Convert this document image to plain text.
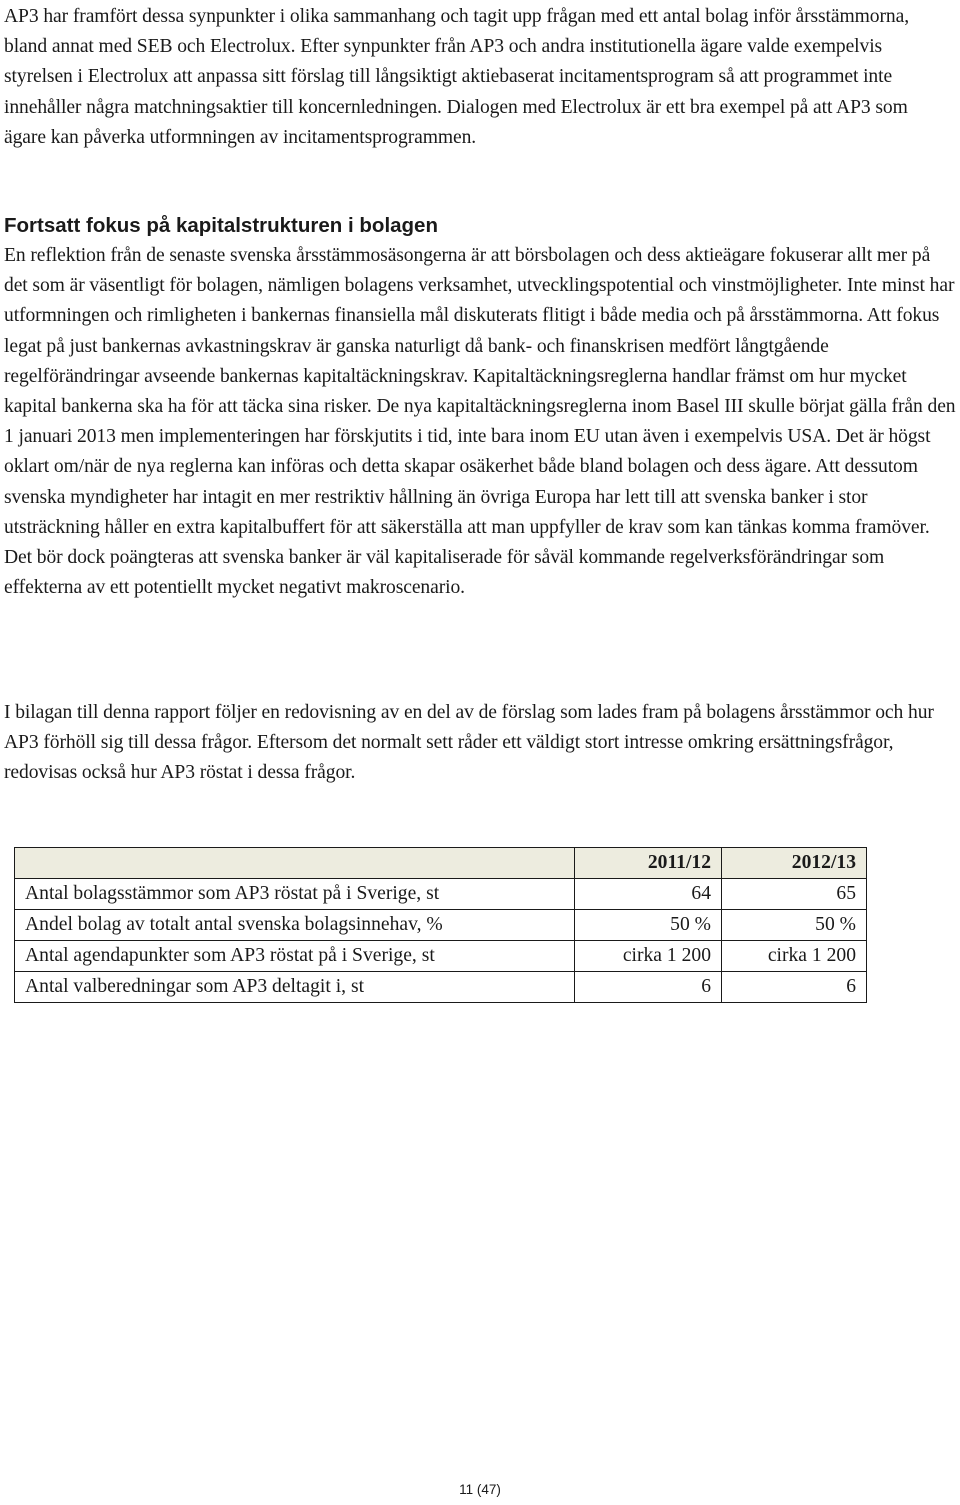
AP3 har framfört dessa synpunkter i olika sammanhang och tagit upp frågan med ett antal bolag inför årsstämmorna, bland annat med SEB och Electrolux. Efter synpunkter från AP3 och andra institutionella ägare valde exempelvis styrelsen i Electrolux att anpassa sitt förslag till långsiktigt aktiebaserat incitamentsprogram så att programmet inte innehåller några matchningsaktier till koncernledningen. Dialogen med Electrolux är ett bra exempel på att AP3 som ägare kan påverka utformningen av incitamentsprogrammen.

Fortsatt fokus på kapitalstrukturen i bolagen

En reflektion från de senaste svenska årsstämmosäsongerna är att börsbolagen och dess aktieägare fokuserar allt mer på det som är väsentligt för bolagen, nämligen bolagens verksamhet, utvecklingspotential och vinstmöjligheter. Inte minst har utformningen och rimligheten i bankernas finansiella mål diskuterats flitigt i både media och på årsstämmorna. Att fokus legat på just bankernas avkastningskrav är ganska naturligt då bank- och finanskrisen medfört långtgående regelförändringar avseende bankernas kapitaltäckningskrav. Kapitaltäckningsreglerna handlar främst om hur mycket kapital bankerna ska ha för att täcka sina risker. De nya kapitaltäckningsreglerna inom Basel III skulle börjat gälla från den 1 januari 2013 men implementeringen har förskjutits i tid, inte bara inom EU utan även i exempelvis USA. Det är högst oklart om/när de nya reglerna kan införas och detta skapar osäkerhet både bland bolagen och dess ägare. Att dessutom svenska myndigheter har intagit en mer restriktiv hållning än övriga Europa har lett till att svenska banker i stor utsträckning håller en extra kapitalbuffert för att säkerställa att man uppfyller de krav som kan tänkas komma framöver. Det bör dock poängteras att svenska banker är väl kapitaliserade för såväl kommande regelverksförändringar som effekterna av ett potentiellt mycket negativt makroscenario.

I bilagan till denna rapport följer en redovisning av en del av de förslag som lades fram på bolagens årsstämmor och hur AP3 förhöll sig till dessa frågor. Eftersom det normalt sett råder ett väldigt stort intresse omkring ersättningsfrågor, redovisas också hur AP3 röstat i dessa frågor.

	2011/12	2012/13
Antal bolagsstämmor som AP3 röstat på i Sverige, st	64	65
Andel bolag av totalt antal svenska bolagsinnehav, %	50 %	50 %
Antal agendapunkter som AP3 röstat på i Sverige, st	cirka 1 200	cirka 1 200
Antal valberedningar som AP3 deltagit i, st	6	6
11 (47)
